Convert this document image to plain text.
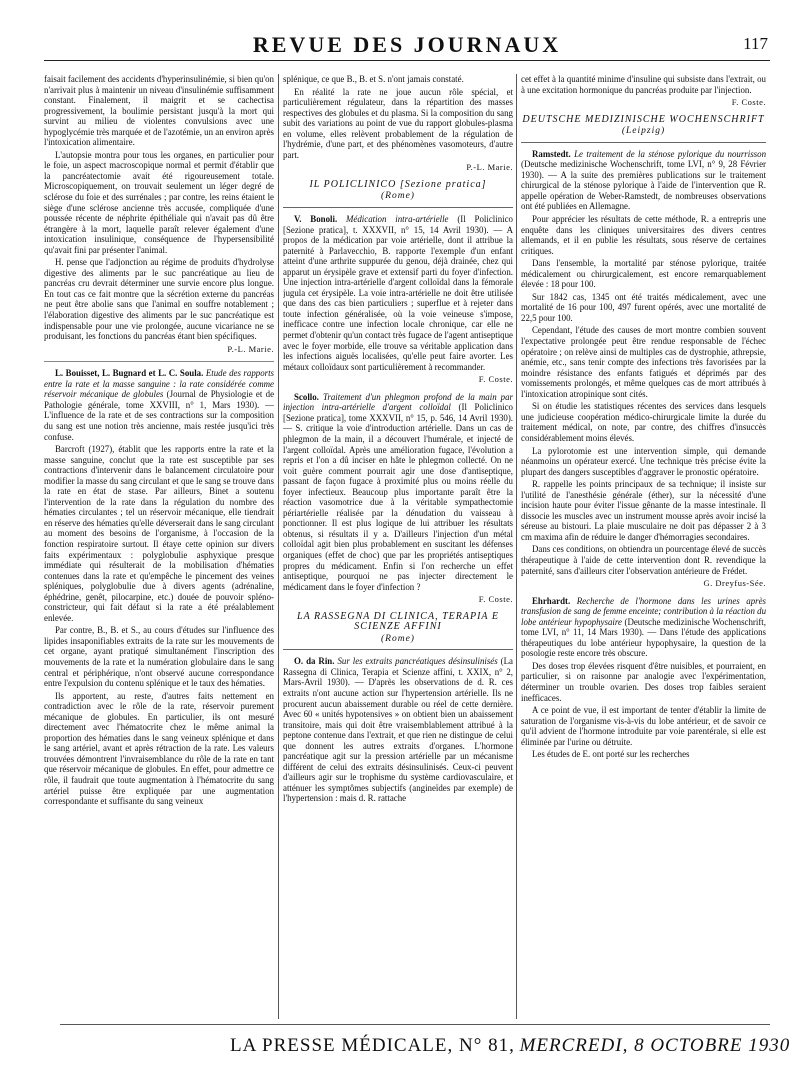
REVUE DES JOURNAUX	117

faisait facilement des accidents d'hyperinsulinémie, si bien qu'on n'arrivait plus à maintenir un niveau d'insulinémie suffisamment constant. Finalement, il maigrit et se cachectisa progressivement, la boulimie persistant jusqu'à la mort qui survint au milieu de violentes convulsions avec une hypoglycémie très marquée et de l'azotémie, un an environ après l'intoxication alimentaire.

L'autopsie montra pour tous les organes, en particulier pour le foie, un aspect macroscopique normal et permit d'établir que la pancréatectomie avait été rigoureusement totale. Microscopiquement, on trouvait seulement un léger degré de sclérose du foie et des surrénales ; par contre, les reins étaient le siège d'une sclérose ancienne très accusée, compliquée d'une poussée récente de néphrite épithéliale qui n'avait pas dû être étrangère à la mort, laquelle paraît relever également d'une intoxication insulinique, conséquence de l'hypersensibilité qu'avait fini par présenter l'animal.

H. pense que l'adjonction au régime de produits d'hydrolyse digestive des aliments par le suc pancréatique au lieu de pancréas cru devrait déterminer une survie encore plus longue. En tout cas ce fait montre que la sécrétion externe du pancréas ne peut être abolie sans que l'animal en souffre notablement ; l'élaboration digestive des aliments par le suc pancréatique est indispensable pour une vie prolongée, aucune vicariance ne se produisant, les fonctions du pancréas étant bien spécifiques.

P.-L. Marie.

L. Bouisset, L. Bugnard et L. C. Soula. Etude des rapports entre la rate et la masse sanguine : la rate considérée comme réservoir mécanique de globules (Journal de Physiologie et de Pathologie générale, tome XXVIII, n° 1, Mars 1930). — L'influence de la rate et de ses contractions sur la composition du sang est une notion très ancienne, mais restée jusqu'ici très confuse.

Barcroft (1927), établit que les rapports entre la rate et la masse sanguine, conclut que la rate est susceptible par ses contractions d'intervenir dans le balancement circulatoire pour modifier la masse du sang circulant et que le sang se trouve dans la rate en état de stase. Par ailleurs, Binet a soutenu l'intervention de la rate dans la régulation du nombre des hématies circulantes ; tel un réservoir mécanique, elle tiendrait en réserve des hématies qu'elle déverserait dans le sang circulant au moment des besoins de l'organisme, à l'occasion de la fonction respiratoire surtout. Il étaye cette opinion sur divers faits expérimentaux : polyglobulie asphyxique presque immédiate qui résulterait de la mobilisation d'hématies contenues dans la rate et qu'empêche le pincement des veines spléniques, polyglobulie due à divers agents (adrénaline, éphédrine, genêt, pilocarpine, etc.) douée de pouvoir spléno-constricteur, qui fait défaut si la rate a été préalablement enlevée.

Par contre, B., B. et S., au cours d'études sur l'influence des lipides insaponifiables extraits de la rate sur les mouvements de cet organe, ayant pratiqué simultanément l'inscription des mouvements de la rate et la numération globulaire dans le sang central et périphérique, n'ont observé aucune correspondance entre l'expulsion du contenu splénique et le taux des hématies.

Ils apportent, au reste, d'autres faits nettement en contradiction avec le rôle de la rate, réservoir purement mécanique de globules. En particulier, ils ont mesuré directement avec l'hématocrite chez le même animal la proportion des hématies dans le sang veineux splénique et dans le sang artériel, avant et après rétraction de la rate. Les valeurs trouvées démontrent l'invraisemblance du rôle de la rate en tant que réservoir mécanique de globules. En effet, pour admettre ce rôle, il faudrait que toute augmentation à l'hématocrite du sang artériel puisse être expliquée par une augmentation correspondante et suffisante du sang veineux

splénique, ce que B., B. et S. n'ont jamais constaté.

En réalité la rate ne joue aucun rôle spécial, et particulièrement régulateur, dans la répartition des masses respectives des globules et du plasma. Si la composition du sang subit des variations au point de vue du rapport globules-plasma en volume, elles relèvent probablement de la régulation de l'hydrémie, d'une part, et des phénomènes vasomoteurs, d'autre part.

P.-L. Marie.
IL POLICLINICO [Sezione pratica]
(Rome)

V. Bonoli. Médication intra-artérielle (Il Policlinico [Sezione pratica], t. XXXVII, n° 15, 14 Avril 1930). — A propos de la médication par voie artérielle, dont il attribue la paternité à Parlavecchio, B. rapporte l'exemple d'un enfant atteint d'une arthrite suppurée du genou, déjà drainée, chez qui apparut un érysipèle grave et extensif parti du foyer d'infection. Une injection intra-artérielle d'argent colloïdal dans la fémorale jugula cet érysipèle. La voie intra-artérielle ne doit être utilisée que dans des cas bien particuliers ; superflue et à rejeter dans toute infection généralisée, où la voie veineuse s'impose, inefficace contre une infection locale chronique, car elle ne permet d'obtenir qu'un contact très fugace de l'agent antiseptique avec le foyer morbide, elle trouve sa véritable application dans les infections aiguës localisées, qu'elle peut faire avorter. Les métaux colloïdaux sont particulièrement à recommander.

F. Coste.

Scollo. Traitement d'un phlegmon profond de la main par injection intra-artérielle d'argent colloïdal (Il Policlinico [Sezione pratica], tome XXXVII, n° 15, p. 546, 14 Avril 1930). — S. critique la voie d'introduction artérielle. Dans un cas de phlegmon de la main, il a découvert l'humérale, et injecté de l'argent colloïdal. Après une amélioration fugace, l'évolution a repris et l'on a dû inciser en hâte le phlegmon collecté. On ne voit guère comment pourrait agir une dose d'antiseptique, passant de façon fugace à proximité plus ou moins réelle du foyer infectieux. Beaucoup plus importante paraît être la réaction vasomotrice due à la véritable sympathectomie périartérielle réalisée par la dénudation du vaisseau à ponctionner. Il est plus logique de lui attribuer les résultats obtenus, si résultats il y a. D'ailleurs l'injection d'un métal colloïdal agit bien plus probablement en suscitant les défenses organiques (effet de choc) que par les propriétés antiseptiques propres du médicament. Enfin si l'on recherche un effet antiseptique, pourquoi ne pas injecter directement le médicament dans le foyer d'infection ?

F. Coste.
LA RASSEGNA DI CLINICA, TERAPIA E SCIENZE AFFINI
(Rome)

O. da Rin. Sur les extraits pancréatiques désinsulinisés (La Rassegna di Clinica, Terapia et Scienze affini, t. XXIX, n° 2, Mars-Avril 1930). — D'après les observations de d. R. ces extraits n'ont aucune action sur l'hypertension artérielle. Ils ne procurent aucun abaissement durable ou réel de cette dernière. Avec 60 « unités hypotensives » on obtient bien un abaissement transitoire, mais qui doit être vraisemblablement attribué à la peptone contenue dans l'extrait, et que rien ne distingue de celui que donnent les autres extraits d'organes. L'hormone pancréatique agit sur la pression artérielle par un mécanisme différent de celui des extraits désinsulinisés. Ceux-ci peuvent d'ailleurs agir sur le trophisme du système cardiovasculaire, et atténuer les symptômes subjectifs (angineïdes par exemple) de l'hypertension : mais d. R. rattache

cet effet à la quantité minime d'insuline qui subsiste dans l'extrait, ou à une excitation hormonique du pancréas produite par l'injection.

F. Coste.
DEUTSCHE MEDIZINISCHE WOCHENSCHRIFT
(Leipzig)

Ramstedt. Le traitement de la sténose pylorique du nourrisson (Deutsche medizinische Wochenschrift, tome LVI, n° 9, 28 Février 1930). — A la suite des premières publications sur le traitement chirurgical de la sténose pylorique à l'aide de l'intervention que R. appelle opération de Weber-Ramstedt, de nombreuses observations ont été publiées en Allemagne.

Pour apprécier les résultats de cette méthode, R. a entrepris une enquête dans les cliniques universitaires des divers centres allemands, et il en publie les résultats, sous réserve de certaines critiques.

Dans l'ensemble, la mortalité par sténose pylorique, traitée médicalement ou chirurgicalement, est encore remarquablement élevée : 18 pour 100.

Sur 1842 cas, 1345 ont été traités médicalement, avec une mortalité de 16 pour 100, 497 furent opérés, avec une mortalité de 22,5 pour 100.

Cependant, l'étude des causes de mort montre combien souvent l'expectative prolongée peut être rendue responsable de l'échec opératoire ; on relève ainsi de multiples cas de dystrophie, athrepsie, anémie, etc., sans tenir compte des infections très favorisées par la moindre résistance des enfants fatigués et déprimés par des vomissements prolongés, et même quelques cas de mort attribués à l'intoxication atropinique sont cités.

Si on étudie les statistiques récentes des services dans lesquels une judicieuse coopération médico-chirurgicale limite la durée du traitement médical, on note, par contre, des chiffres d'insuccès considérablement moins élevés.

La pylorotomie est une intervention simple, qui demande néanmoins un opérateur exercé. Une technique très précise évite la plupart des dangers susceptibles d'aggraver le pronostic opératoire.

R. rappelle les points principaux de sa technique; il insiste sur l'utilité de l'anesthésie générale (éther), sur la nécessité d'une incision haute pour éviter l'issue gênante de la masse intestinale. Il dissocie les muscles avec un instrument mousse après avoir incisé la séreuse au bistouri. La plaie musculaire ne doit pas dépasser 2 à 3 cm maxima afin de réduire le danger d'hémorragies secondaires.

Dans ces conditions, on obtiendra un pourcentage élevé de succès thérapeutique à l'aide de cette intervention dont R. revendique la paternité, sans d'ailleurs citer l'observation antérieure de Frédet.

G. Dreyfus-Sée.

Ehrhardt. Recherche de l'hormone dans les urines après transfusion de sang de femme enceinte; contribution à la réaction du lobe antérieur hypophysaire (Deutsche medizinische Wochenschrift, tome LVI, n° 11, 14 Mars 1930). — Dans l'étude des applications thérapeutiques du lobe antérieur hypophysaire, la question de la posologie reste encore très obscure.

Des doses trop élevées risquent d'être nuisibles, et pourraient, en particulier, si on raisonne par analogie avec l'expérimentation, déterminer un trouble ovarien. Des doses trop faibles seraient inefficaces.

A ce point de vue, il est important de tenter d'établir la limite de saturation de l'organisme vis-à-vis du lobe antérieur, et de savoir ce qu'il advient de l'hormone introduite par voie parentérale, si elle est éliminée par l'urine ou détruite.

Les études de E. ont porté sur les recherches

LA PRESSE MÉDICALE, N° 81, MERCREDI, 8 OCTOBRE 1930
